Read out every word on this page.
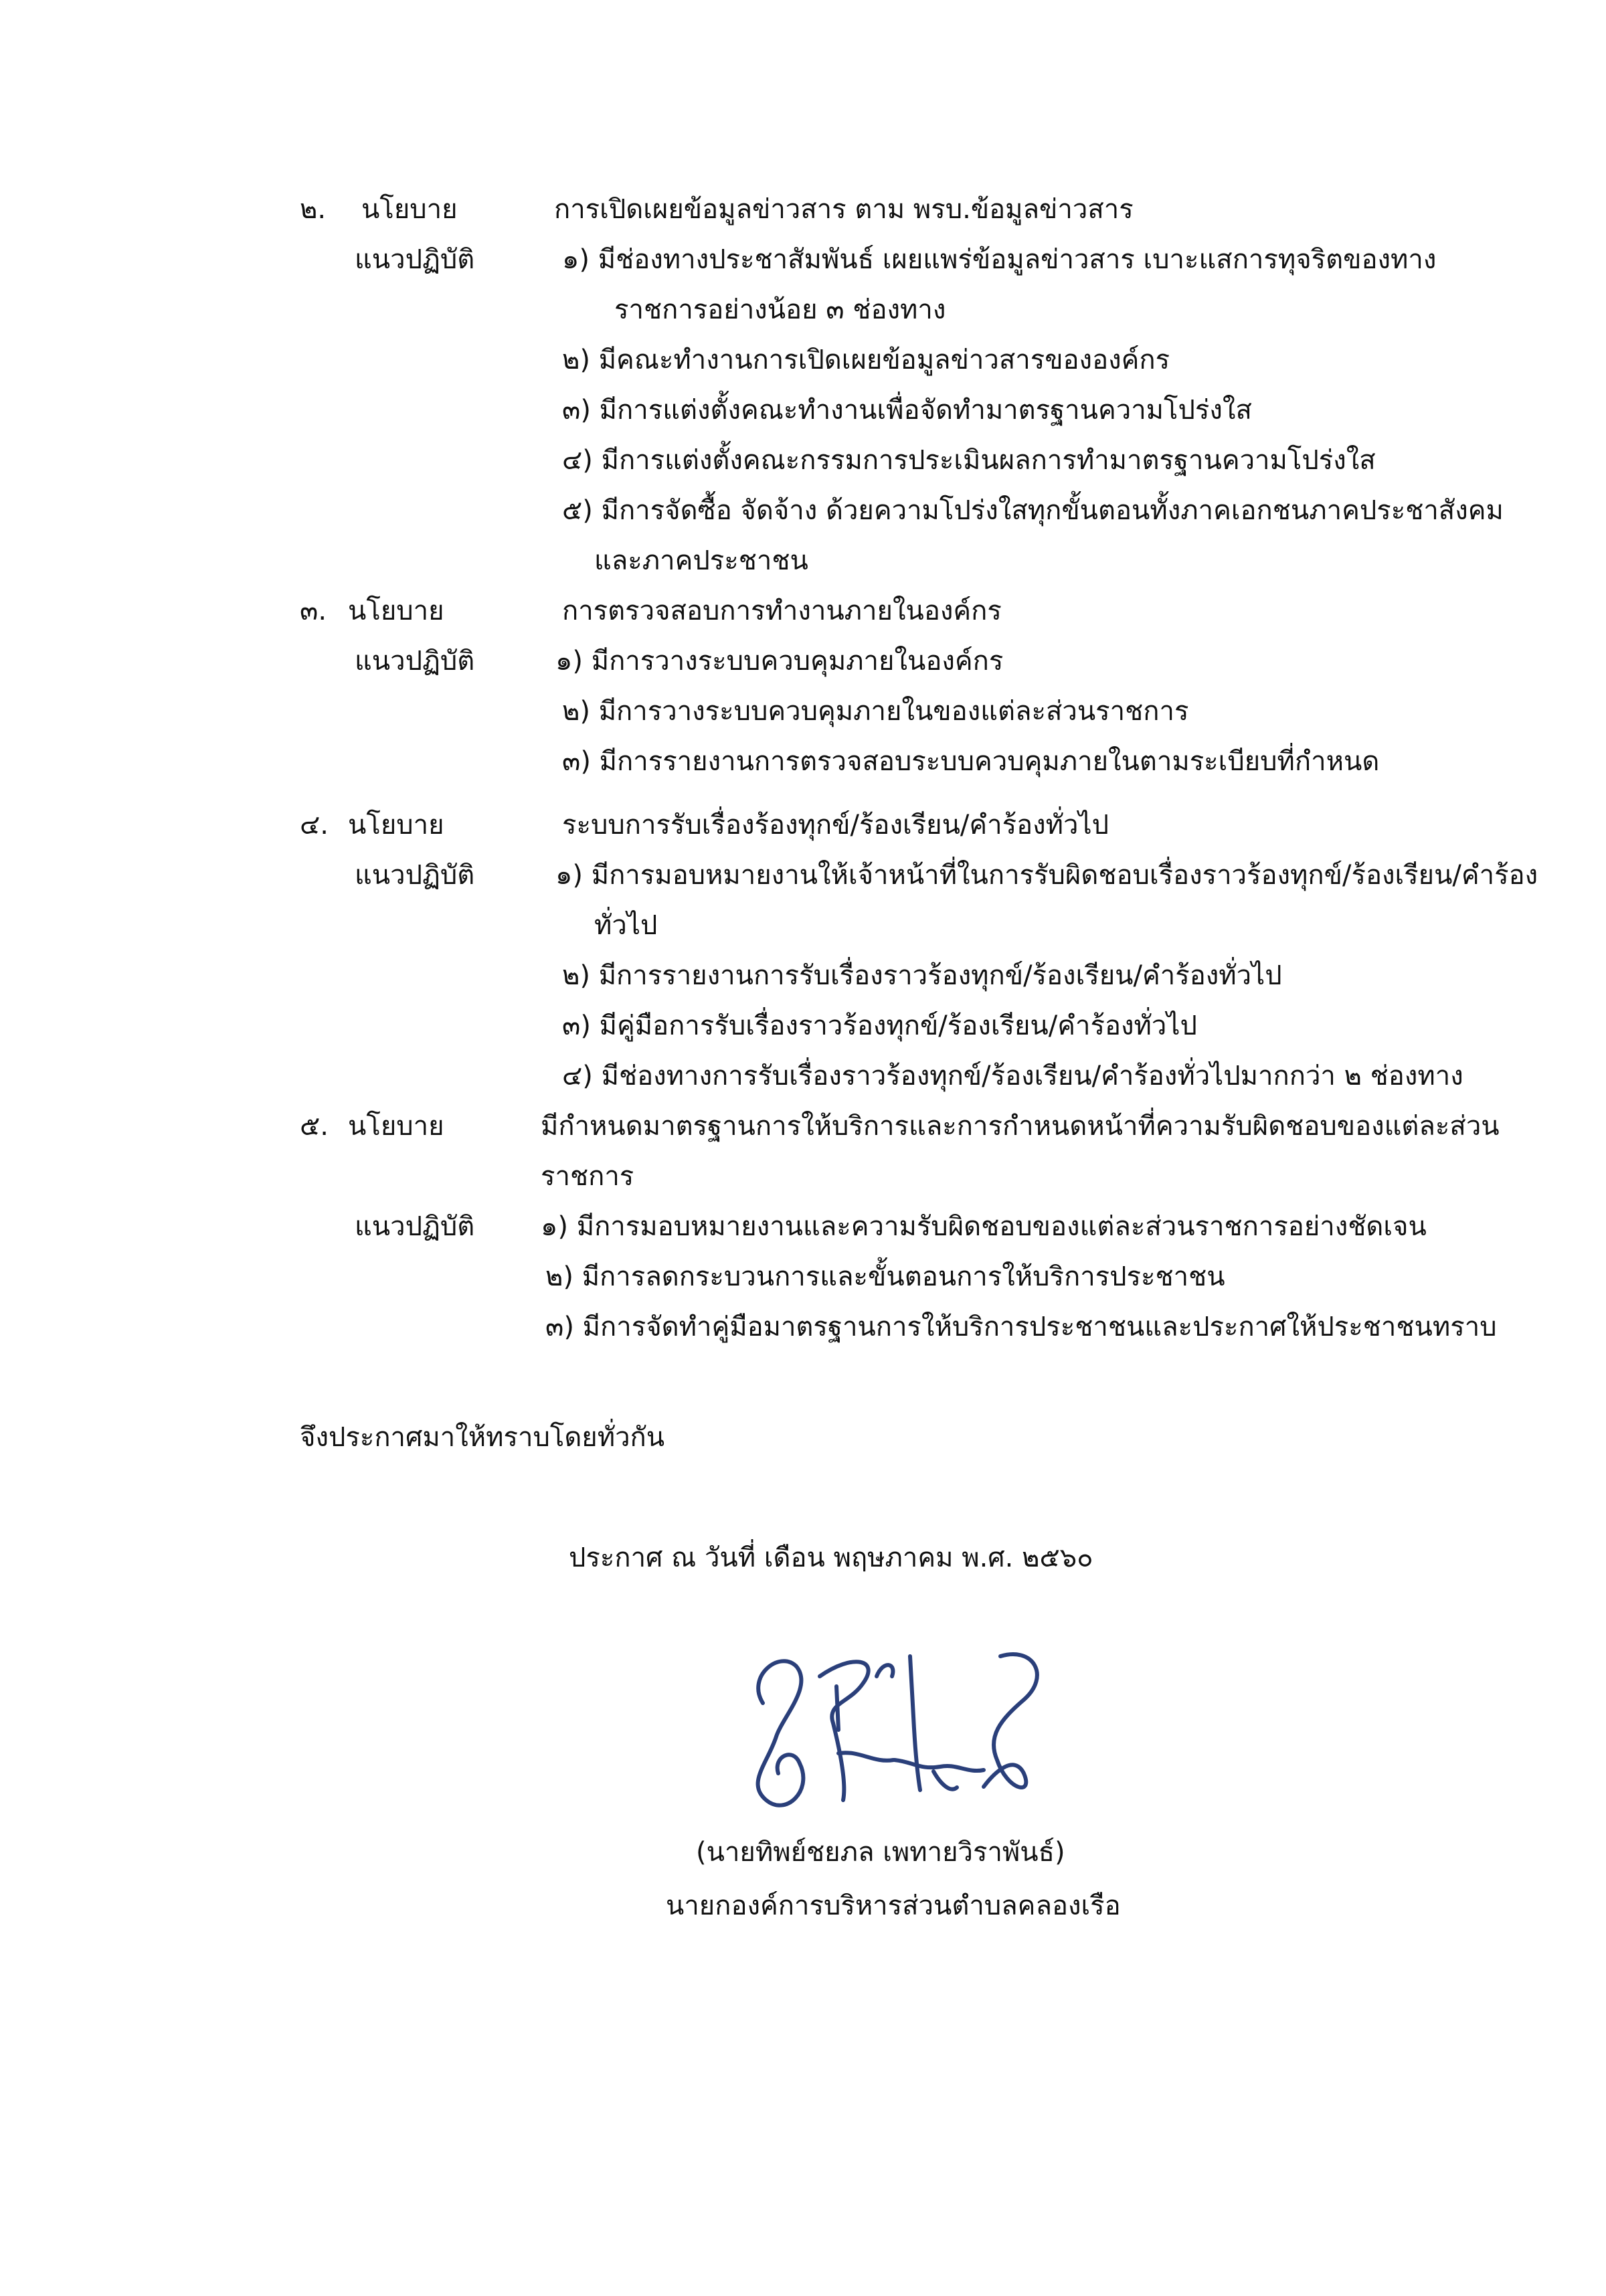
๒. นโยบาย	การเปิดเผยข้อมูลข่าวสาร ตาม พรบ.ข้อมูลข่าวสาร
แนวปฏิบัติ	๑) มีช่องทางประชาสัมพันธ์ เผยแพร่ข้อมูลข่าวสาร เบาะแสการทุจริตของทาง
ราชการอย่างน้อย ๓ ช่องทาง
๒) มีคณะทำงานการเปิดเผยข้อมูลข่าวสารขององค์กร
๓) มีการแต่งตั้งคณะทำงานเพื่อจัดทำมาตรฐานความโปร่งใส
๔) มีการแต่งตั้งคณะกรรมการประเมินผลการทำมาตรฐานความโปร่งใส
๕) มีการจัดซื้อ จัดจ้าง ด้วยความโปร่งใสทุกขั้นตอนทั้งภาคเอกชนภาคประชาสังคม
และภาคประชาชน
๓. นโยบาย	การตรวจสอบการทำงานภายในองค์กร
แนวปฏิบัติ	๑) มีการวางระบบควบคุมภายในองค์กร
๒) มีการวางระบบควบคุมภายในของแต่ละส่วนราชการ
๓) มีการรายงานการตรวจสอบระบบควบคุมภายในตามระเบียบที่กำหนด
๔. นโยบาย	ระบบการรับเรื่องร้องทุกข์/ร้องเรียน/คำร้องทั่วไป
แนวปฏิบัติ	๑) มีการมอบหมายงานให้เจ้าหน้าที่ในการรับผิดชอบเรื่องราวร้องทุกข์/ร้องเรียน/คำร้อง
ทั่วไป
๒) มีการรายงานการรับเรื่องราวร้องทุกข์/ร้องเรียน/คำร้องทั่วไป
๓) มีคู่มือการรับเรื่องราวร้องทุกข์/ร้องเรียน/คำร้องทั่วไป
๔) มีช่องทางการรับเรื่องราวร้องทุกข์/ร้องเรียน/คำร้องทั่วไปมากกว่า ๒ ช่องทาง
๕. นโยบาย	มีกำหนดมาตรฐานการให้บริการและการกำหนดหน้าที่ความรับผิดชอบของแต่ละส่วน
ราชการ
แนวปฏิบัติ ๑) มีการมอบหมายงานและความรับผิดชอบของแต่ละส่วนราชการอย่างชัดเจน
๒) มีการลดกระบวนการและขั้นตอนการให้บริการประชาชน
๓) มีการจัดทำคู่มือมาตรฐานการให้บริการประชาชนและประกาศให้ประชาชนทราบ
จึงประกาศมาให้ทราบโดยทั่วกัน
ประกาศ ณ วันที่ เดือน พฤษภาคม พ.ศ. ๒๕๖๐
(นายทิพย์ชยภล เพทายวิราพันธ์)
นายกองค์การบริหารส่วนตำบลคลองเรือ
